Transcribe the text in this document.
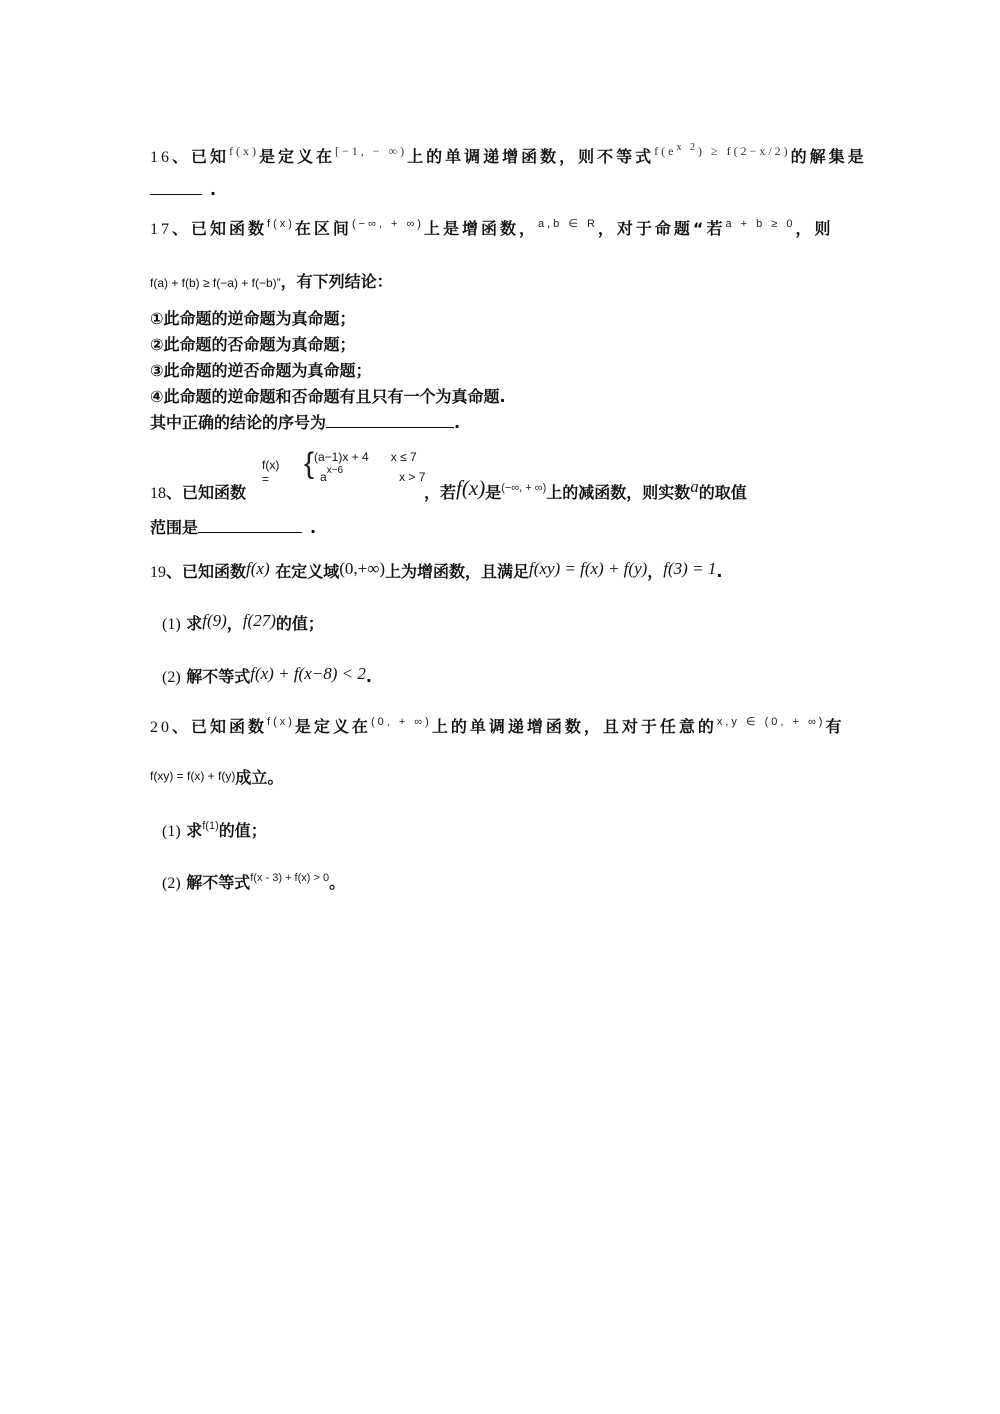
16、已知$^{f(x)}$是定义在$^{[-1, - \infty)}$上的单调递增函数，则不等式$^{f(e^{x 2}) \ge f(2-x/2)}$的解集是
.
17、已知函数$^{f(x)}$在区间(−∞, + ∞)上是增函数，$^{a,b \in R}$，对于命题“若$^{a + b \ge 0}$，则
f(a) + f(b) ≥ f(−a) + f(−b)”，有下列结论：
①此命题的逆命题为真命题；
②此命题的否命题为真命题；
③此命题的逆否命题为真命题；
④此命题的逆命题和否命题有且只有一个为真命题.
其中正确的结论的序号为	.
f(x) =	{ (a−1)x + 4 x ≤ 7
$a^{x-6}$	x > 7
18、已知函数	，若f(x)是(−∞, + ∞)上的减函数，则实数a的取值
范围是	.
19、已知函数f(x) 在定义域(0,+∞)上为增函数，且满足f(xy) = f(x) + f(y)，f(3) = 1.
(1) 求f(9)，f(27)的值；
(2) 解不等式f(x) + f(x−8) < 2.
20、已知函数$^{f(x)}$是定义在$^{(0, + \infty)}$上的单调递增函数，且对于任意的$^{x,y \in (0, + \infty)}$有
f(xy) = f(x) + f(y)成立。
(1) 求$^{f(1)}$的值；
(2) 解不等式$^{f(x - 3) + f(x) > 0}$。
